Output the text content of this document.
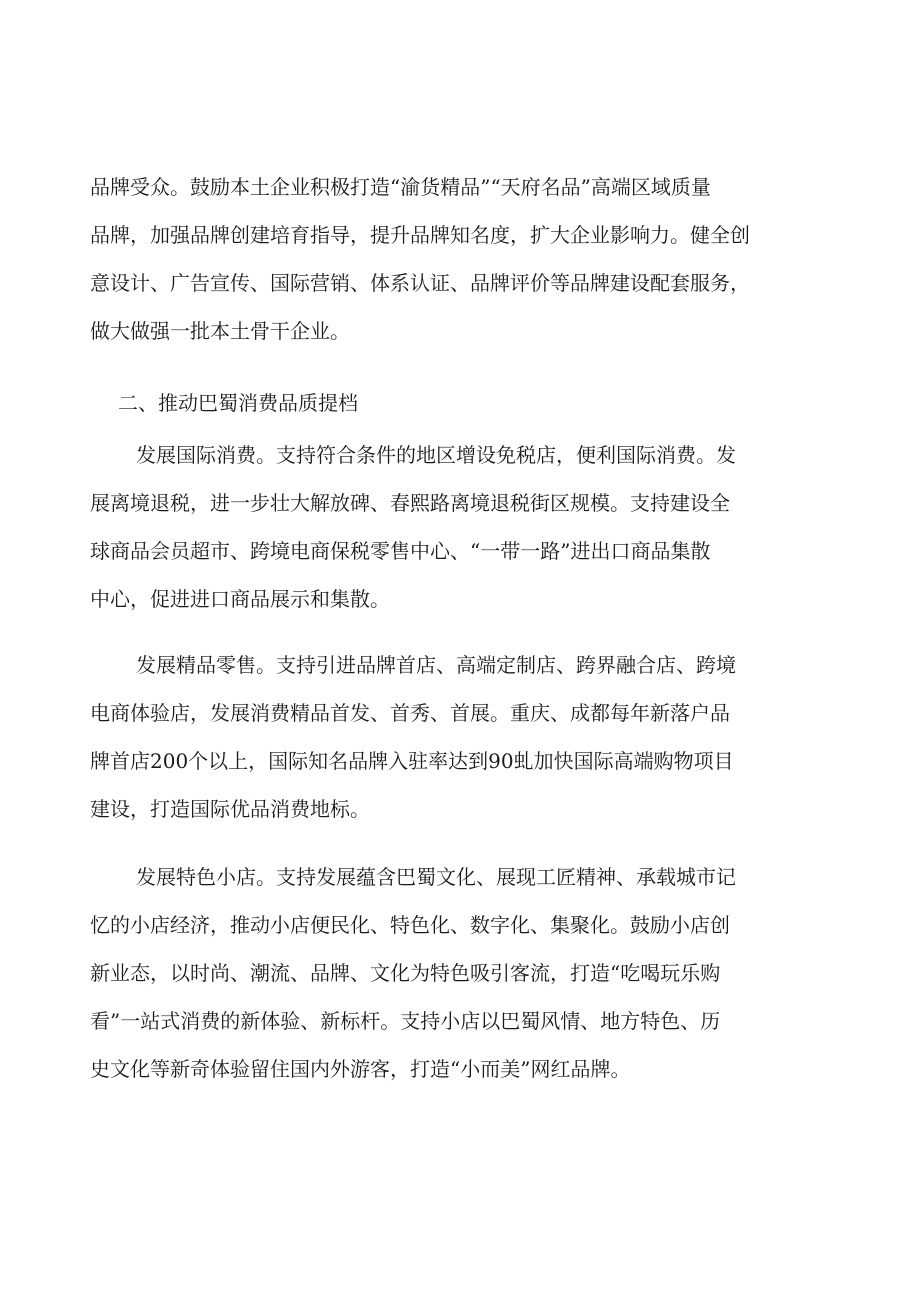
品牌受众。鼓励本土企业积极打造“渝货精品”“天府名品”高端区域质量
品牌，加强品牌创建培育指导，提升品牌知名度，扩大企业影响力。健全创
意设计、广告宣传、国际营销、体系认证、品牌评价等品牌建设配套服务，
做大做强一批本土骨干企业。
二、推动巴蜀消费品质提档
发展国际消费。支持符合条件的地区增设免税店，便利国际消费。发
展离境退税，进一步壮大解放碑、春熙路离境退税街区规模。支持建设全
球商品会员超市、跨境电商保税零售中心、“一带一路”进出口商品集散
中心，促进进口商品展示和集散。
发展精品零售。支持引进品牌首店、高端定制店、跨界融合店、跨境
电商体验店，发展消费精品首发、首秀、首展。重庆、成都每年新落户品
牌首店200个以上，国际知名品牌入驻率达到90虬加快国际高端购物项目
建设，打造国际优品消费地标。
发展特色小店。支持发展蕴含巴蜀文化、展现工匠精神、承载城市记
忆的小店经济，推动小店便民化、特色化、数字化、集聚化。鼓励小店创
新业态，以时尚、潮流、品牌、文化为特色吸引客流，打造“吃喝玩乐购
看”一站式消费的新体验、新标杆。支持小店以巴蜀风情、地方特色、历
史文化等新奇体验留住国内外游客，打造“小而美”网红品牌。
